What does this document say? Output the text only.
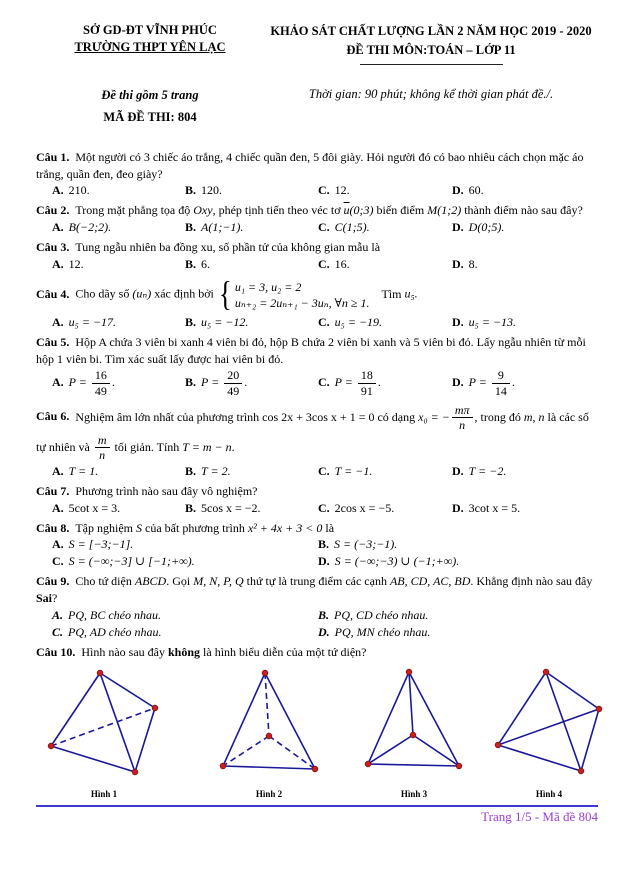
SỞ GD-ĐT VĨNH PHÚC
TRƯỜNG THPT YÊN LẠC
Đề thi gồm 5 trang
MÃ ĐỀ THI: 804
KHẢO SÁT CHẤT LƯỢNG LẦN 2 NĂM HỌC 2019 - 2020
ĐỀ THI MÔN:TOÁN – LỚP 11
Thời gian: 90 phút; không kể thời gian phát đề./.

Câu 1. Một người có 3 chiếc áo trắng, 4 chiếc quần đen, 5 đôi giày. Hỏi người đó có bao nhiêu cách chọn mặc áo trắng, quần đen, đeo giày?

A. 210.	B. 120.	C. 12.	D. 60.

Câu 2. Trong mặt phẳng tọa độ Oxy, phép tịnh tiến theo véc tơ $\overline{u}(0;3)$ biến điểm M(1;2) thành điểm nào sau đây?

A. B(−2;2).	B. A(1;−1).	C. C(1;5).	D. D(0;5).

Câu 3. Tung ngẫu nhiên ba đồng xu, số phần tử của không gian mẫu là

A. 12.	B. 6.	C. 16.	D. 8.

Câu 4. Cho dãy số (uₙ) xác định bởi { u₁ = 3, u₂ = 2
uₙ₊₂ = 2uₙ₊₁ − 3uₙ, ∀n ≥ 1.
Tìm u₅.

A. u₅ = −17.	B. u₅ = −12.	C. u₅ = −19.	D. u₅ = −13.

Câu 5. Hộp A chứa 3 viên bi xanh 4 viên bi đỏ, hộp B chứa 2 viên bi xanh và 5 viên bi đỏ. Lấy ngẫu nhiên từ mỗi hộp 1 viên bi. Tìm xác suất lấy được hai viên bi đỏ.

A. $P = \frac{16}{49}$ .	B. $P = \frac{20}{49}$ .	C. $P = \frac{18}{91}$ .	D. $P = \frac{9}{14}$ .

Câu 6. Nghiệm âm lớn nhất của phương trình cos 2x + 3cos x + 1 = 0 có dạng x₀ = − $\frac{m\pi}{n}$ , trong đó m, n là các số tự nhiên và $\frac{m}{n}$ tối giản. Tính T = m − n.

A. T = 1.	B. T = 2.	C. T = −1.	D. T = −2.

Câu 7. Phương trình nào sau đây vô nghiệm?

A. 5cot x = 3.	B. 5cos x = −2.	C. 2cos x = −5.	D. 3cot x = 5.

Câu 8. Tập nghiệm S của bất phương trình x² + 4x + 3 < 0 là

A. S = [−3;−1].	B. S = (−3;−1).
C. S = (−∞;−3] ∪ [−1;+∞).	D. S = (−∞;−3) ∪ (−1;+∞).

Câu 9. Cho tứ diện ABCD. Gọi M, N, P, Q thứ tự là trung điểm các cạnh AB, CD, AC, BD. Khẳng định nào sau đây Sai?

A. PQ, BC chéo nhau.	B. PQ, CD chéo nhau.
C. PQ, AD chéo nhau.	D. PQ, MN chéo nhau.

Câu 10. Hình nào sau đây không là hình biểu diễn của một tứ diện?

Hình 1	Hình 2	Hình 3	Hình 4
Trang 1/5 - Mã đề 804
